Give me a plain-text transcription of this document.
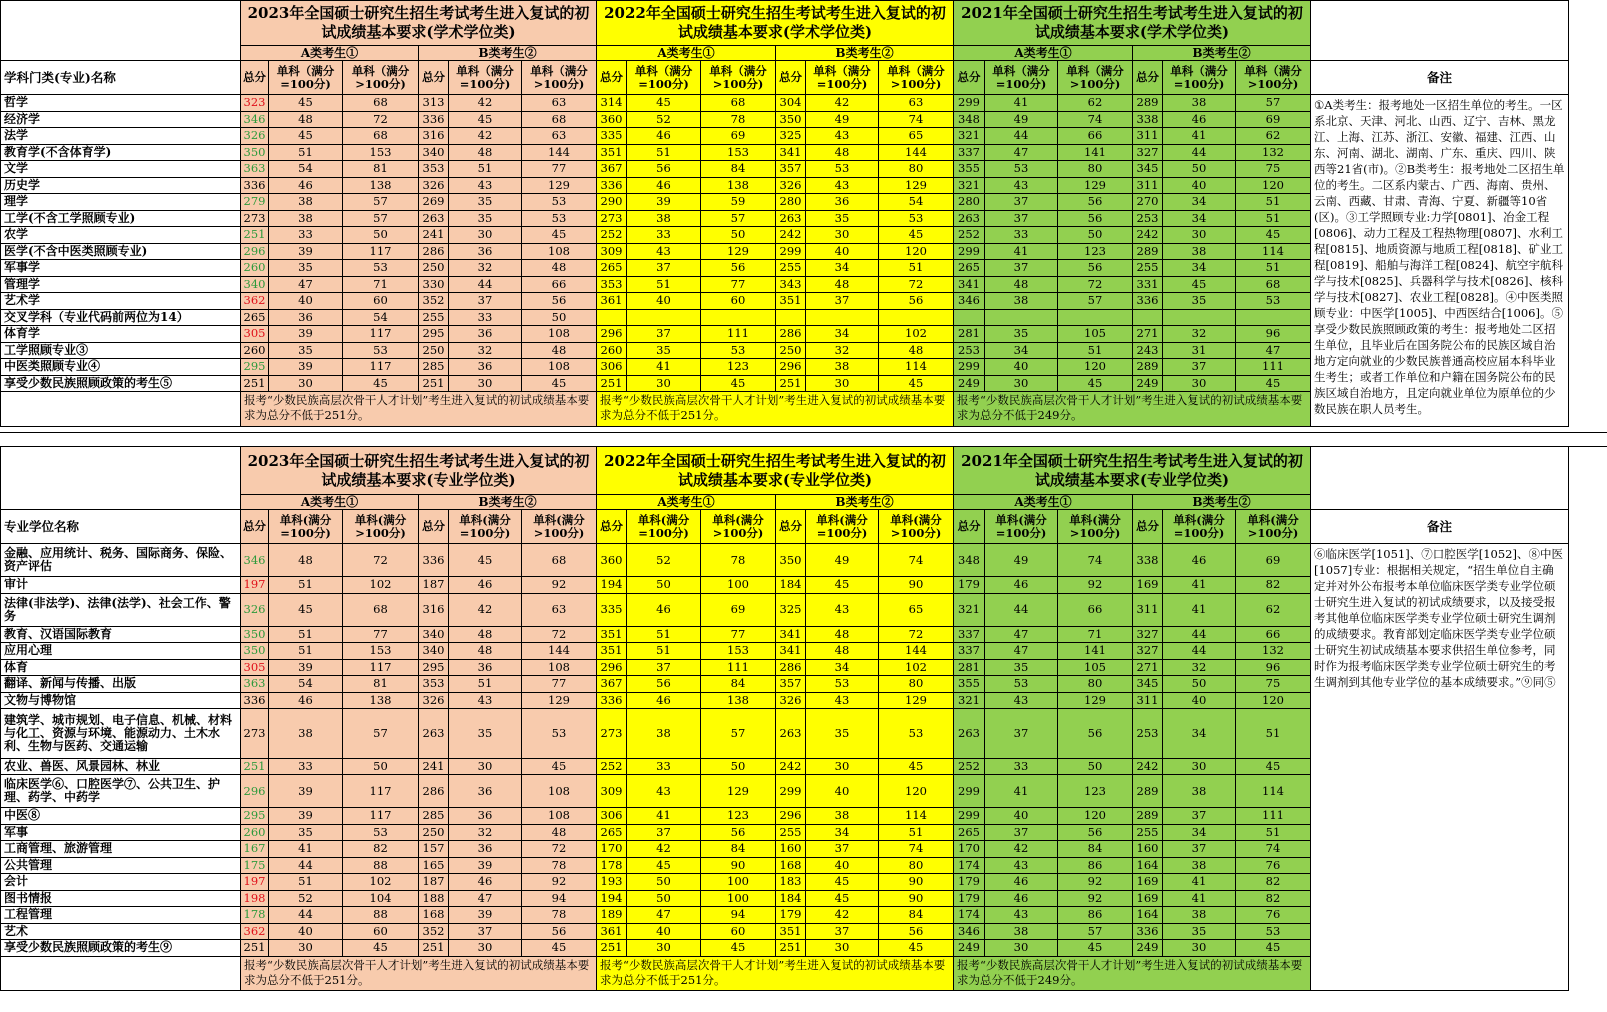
	2023年全国硕士研究生招生考试考生进入复试的初试成绩基本要求(学术学位类)						2022年全国硕士研究生招生考试考生进入复试的初试成绩基本要求(学术学位类)						2021年全国硕士研究生招生考试考生进入复试的初试成绩基本要求(学术学位类)						
	A类考生①			B类考生②			A类考生①			B类考生②			A类考生①			B类考生②			
学科门类(专业)名称	总分	单科（满分=100分)	单科（满分>100分)	总分	单科（满分=100分)	单科（满分>100分)	总分	单科（满分=100分)	单科（满分>100分)	总分	单科（满分=100分)	单科（满分>100分)	总分	单科（满分=100分)	单科（满分>100分)	总分	单科（满分=100分)	单科（满分>100分)	备注
哲学	323	45	68	313	42	63	314	45	68	304	42	63	299	41	62	289	38	57	①A类考生：报考地处一区招生单位的考生。一区系北京、天津、河北、山西、辽宁、吉林、黑龙江、上海、江苏、浙江、安徽、福建、江西、山东、河南、湖北、湖南、广东、重庆、四川、陕西等21省(市)。②B类考生：报考地处二区招生单位的考生。二区系内蒙古、广西、海南、贵州、云南、西藏、甘肃、青海、宁夏、新疆等10省(区)。③工学照顾专业:力学[0801]、冶金工程[0806]、动力工程及工程热物理[0807]、水利工程[0815]、地质资源与地质工程[0818]、矿业工程[0819]、船舶与海洋工程[0824]、航空宇航科学与技术[0825]、兵器科学与技术[0826]、核科学与技术[0827]、农业工程[0828]。④中医类照顾专业：中医学[1005]、中西医结合[1006]。⑤享受少数民族照顾政策的考生：报考地处二区招生单位，且毕业后在国务院公布的民族区域自治地方定向就业的少数民族普通高校应届本科毕业生考生；或者工作单位和户籍在国务院公布的民族区域自治地方，且定向就业单位为原单位的少数民族在职人员考生。
经济学	346	48	72	336	45	68	360	52	78	350	49	74	348	49	74	338	46	69	
法学	326	45	68	316	42	63	335	46	69	325	43	65	321	44	66	311	41	62	
教育学(不含体育学)	350	51	153	340	48	144	351	51	153	341	48	144	337	47	141	327	44	132	
文学	363	54	81	353	51	77	367	56	84	357	53	80	355	53	80	345	50	75	
历史学	336	46	138	326	43	129	336	46	138	326	43	129	321	43	129	311	40	120	
理学	279	38	57	269	35	53	290	39	59	280	36	54	280	37	56	270	34	51	
工学(不含工学照顾专业)	273	38	57	263	35	53	273	38	57	263	35	53	263	37	56	253	34	51	
农学	251	33	50	241	30	45	252	33	50	242	30	45	252	33	50	242	30	45	
医学(不含中医类照顾专业)	296	39	117	286	36	108	309	43	129	299	40	120	299	41	123	289	38	114	
军事学	260	35	53	250	32	48	265	37	56	255	34	51	265	37	56	255	34	51	
管理学	340	47	71	330	44	66	353	51	77	343	48	72	341	48	72	331	45	68	
艺术学	362	40	60	352	37	56	361	40	60	351	37	56	346	38	57	336	35	53	
交叉学科（专业代码前两位为14）	265	36	54	255	33	50													
体育学	305	39	117	295	36	108	296	37	111	286	34	102	281	35	105	271	32	96	
工学照顾专业③	260	35	53	250	32	48	260	35	53	250	32	48	253	34	51	243	31	47	
中医类照顾专业④	295	39	117	285	36	108	306	41	123	296	38	114	299	40	120	289	37	111	
享受少数民族照顾政策的考生⑤	251	30	45	251	30	45	251	30	45	251	30	45	249	30	45	249	30	45	
	报考“少数民族高层次骨干人才计划”考生进入复试的初试成绩基本要求为总分不低于251分。						报考“少数民族高层次骨干人才计划”考生进入复试的初试成绩基本要求为总分不低于251分。						报考“少数民族高层次骨干人才计划”考生进入复试的初试成绩基本要求为总分不低于249分。						
	2023年全国硕士研究生招生考试考生进入复试的初试成绩基本要求(专业学位类)						2022年全国硕士研究生招生考试考生进入复试的初试成绩基本要求(专业学位类)						2021年全国硕士研究生招生考试考生进入复试的初试成绩基本要求(专业学位类)						
	A类考生①			B类考生②			A类考生①			B类考生②			A类考生①			B类考生②			
专业学位名称	总分	单科(满分=100分)	单科(满分>100分)	总分	单科(满分=100分)	单科(满分>100分)	总分	单科(满分=100分)	单科(满分>100分)	总分	单科(满分=100分)	单科(满分>100分)	总分	单科(满分=100分)	单科(满分>100分)	总分	单科(满分=100分)	单科(满分>100分)	备注
金融、应用统计、税务、国际商务、保险、资产评估	346	48	72	336	45	68	360	52	78	350	49	74	348	49	74	338	46	69	⑥临床医学[1051]、⑦口腔医学[1052]、⑧中医[1057]专业：根据相关规定，“招生单位自主确定并对外公布报考本单位临床医学类专业学位硕士研究生进入复试的初试成绩要求，以及接受报考其他单位临床医学类专业学位硕士研究生调剂的成绩要求。教育部划定临床医学类专业学位硕士研究生初试成绩基本要求供招生单位参考，同时作为报考临床医学类专业学位硕士研究生的考生调剂到其他专业学位的基本成绩要求。”⑨同⑤
审计	197	51	102	187	46	92	194	50	100	184	45	90	179	46	92	169	41	82	
法律(非法学)、法律(法学)、社会工作、警务	326	45	68	316	42	63	335	46	69	325	43	65	321	44	66	311	41	62	
教育、汉语国际教育	350	51	77	340	48	72	351	51	77	341	48	72	337	47	71	327	44	66	
应用心理	350	51	153	340	48	144	351	51	153	341	48	144	337	47	141	327	44	132	
体育	305	39	117	295	36	108	296	37	111	286	34	102	281	35	105	271	32	96	
翻译、新闻与传播、出版	363	54	81	353	51	77	367	56	84	357	53	80	355	53	80	345	50	75	
文物与博物馆	336	46	138	326	43	129	336	46	138	326	43	129	321	43	129	311	40	120	
建筑学、城市规划、电子信息、机械、材料与化工、资源与环境、能源动力、土木水利、生物与医药、交通运输	273	38	57	263	35	53	273	38	57	263	35	53	263	37	56	253	34	51	
农业、兽医、风景园林、林业	251	33	50	241	30	45	252	33	50	242	30	45	252	33	50	242	30	45	
临床医学⑥、口腔医学⑦、公共卫生、护理、药学、中药学	296	39	117	286	36	108	309	43	129	299	40	120	299	41	123	289	38	114	
中医⑧	295	39	117	285	36	108	306	41	123	296	38	114	299	40	120	289	37	111	
军事	260	35	53	250	32	48	265	37	56	255	34	51	265	37	56	255	34	51	
工商管理、旅游管理	167	41	82	157	36	72	170	42	84	160	37	74	170	42	84	160	37	74	
公共管理	175	44	88	165	39	78	178	45	90	168	40	80	174	43	86	164	38	76	
会计	197	51	102	187	46	92	193	50	100	183	45	90	179	46	92	169	41	82	
图书情报	198	52	104	188	47	94	194	50	100	184	45	90	179	46	92	169	41	82	
工程管理	178	44	88	168	39	78	189	47	94	179	42	84	174	43	86	164	38	76	
艺术	362	40	60	352	37	56	361	40	60	351	37	56	346	38	57	336	35	53	
享受少数民族照顾政策的考生⑨	251	30	45	251	30	45	251	30	45	251	30	45	249	30	45	249	30	45	
	报考“少数民族高层次骨干人才计划”考生进入复试的初试成绩基本要求为总分不低于251分。						报考“少数民族高层次骨干人才计划”考生进入复试的初试成绩基本要求为总分不低于251分。						报考“少数民族高层次骨干人才计划”考生进入复试的初试成绩基本要求为总分不低于249分。						
